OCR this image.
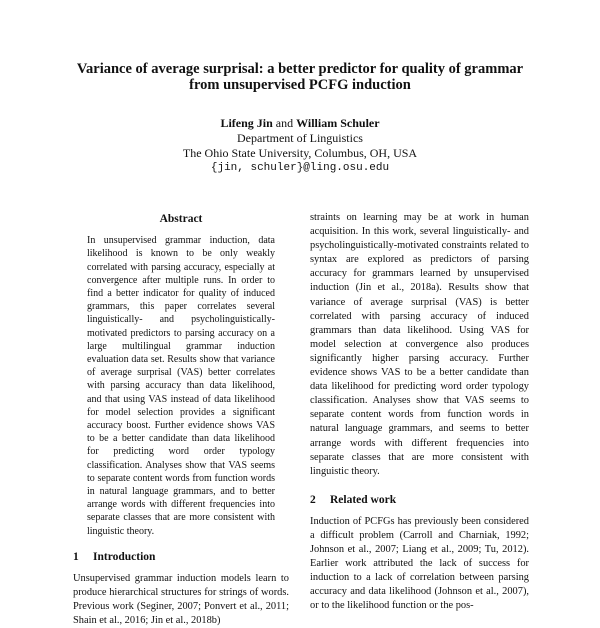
Variance of average surprisal: a better predictor for quality of grammar
from unsupervised PCFG induction
Lifeng Jin and William Schuler
Department of Linguistics
The Ohio State University, Columbus, OH, USA
{jin, schuler}@ling.osu.edu
Abstract

In unsupervised grammar induction, data likelihood is known to be only weakly correlated with parsing accuracy, especially at convergence after multiple runs. In order to find a better indicator for quality of induced grammars, this paper correlates several linguistically- and psycholinguistically-motivated predictors to parsing accuracy on a large multilingual grammar induction evaluation data set. Results show that variance of average surprisal (VAS) better correlates with parsing accuracy than data likelihood, and that using VAS instead of data likelihood for model selection provides a significant accuracy boost. Further evidence shows VAS to be a better candidate than data likelihood for predicting word order typology classification. Analyses show that VAS seems to separate content words from function words in natural language grammars, and to better arrange words with different frequencies into separate classes that are more consistent with linguistic theory.

1 Introduction

Unsupervised grammar induction models learn to produce hierarchical structures for strings of words. Previous work (Seginer, 2007; Ponvert et al., 2011; Shain et al., 2016; Jin et al., 2018b)

straints on learning may be at work in human acquisition. In this work, several linguistically- and psycholinguistically-motivated constraints related to syntax are explored as predictors of parsing accuracy for grammars learned by unsupervised induction (Jin et al., 2018a). Results show that variance of average surprisal (VAS) is better correlated with parsing accuracy of induced grammars than data likelihood. Using VAS for model selection at convergence also produces significantly higher parsing accuracy. Further evidence shows VAS to be a better candidate than data likelihood for predicting word order typology classification. Analyses show that VAS seems to separate content words from function words in natural language grammars, and seems to better arrange words with different frequencies into separate classes that are more consistent with linguistic theory.

2 Related work

Induction of PCFGs has previously been considered a difficult problem (Carroll and Charniak, 1992; Johnson et al., 2007; Liang et al., 2009; Tu, 2012). Earlier work attributed the lack of success for induction to a lack of correlation between parsing accuracy and data likelihood (Johnson et al., 2007), or to the likelihood function or the pos-
